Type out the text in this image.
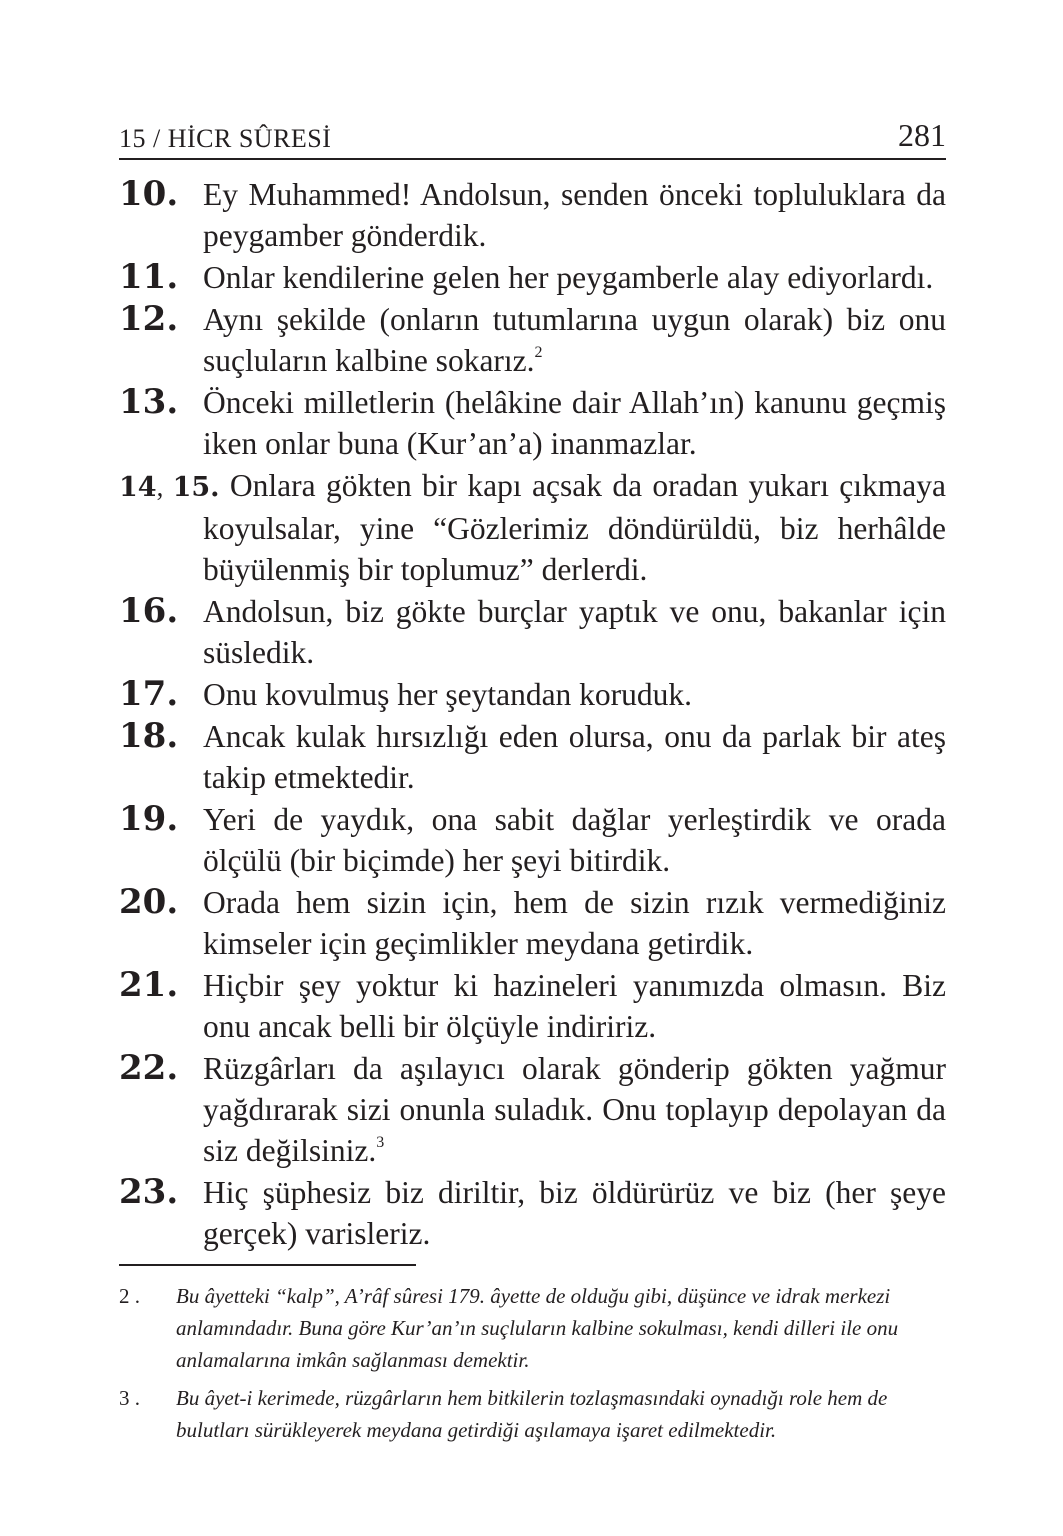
15 / HİCR SÛRESİ	281
10. Ey Muhammed! Andolsun, senden önceki topluluklara da peygamber gönderdik.
11. Onlar kendilerine gelen her peygamberle alay ediyorlardı.
12. Aynı şekilde (onların tutumlarına uygun olarak) biz onu suçluların kalbine sokarız.$^2$
13. Önceki milletlerin (helâkine dair Allah’ın) kanunu geçmiş iken onlar buna (Kur’an’a) inanmazlar.
14, 15. Onlara gökten bir kapı açsak da oradan yukarı çıkmaya koyulsalar, yine “Gözlerimiz döndürüldü, biz herhâlde büyülenmiş bir toplumuz” derlerdi.
16. Andolsun, biz gökte burçlar yaptık ve onu, bakanlar için süsledik.
17. Onu kovulmuş her şeytandan koruduk.
18. Ancak kulak hırsızlığı eden olursa, onu da parlak bir ateş takip etmektedir.
19. Yeri de yaydık, ona sabit dağlar yerleştirdik ve orada ölçülü (bir biçimde) her şeyi bitirdik.
20. Orada hem sizin için, hem de sizin rızık vermediğiniz kimseler için geçimlikler meydana getirdik.
21. Hiçbir şey yoktur ki hazineleri yanımızda olmasın. Biz onu ancak belli bir ölçüyle indiririz.
22. Rüzgârları da aşılayıcı olarak gönderip gökten yağmur yağdırarak sizi onunla suladık. Onu toplayıp depolayan da siz değilsiniz.$^3$
23. Hiç şüphesiz biz diriltir, biz öldürürüz ve biz (her şeye gerçek) varisleriz.
2 . Bu âyetteki “kalp”, A’râf sûresi 179. âyette de olduğu gibi, düşünce ve idrak merkezi anlamındadır. Buna göre Kur’an’ın suçluların kalbine sokulması, kendi dilleri ile onu anlamalarına imkân sağlanması demektir.
3 . Bu âyet-i kerimede, rüzgârların hem bitkilerin tozlaşmasındaki oynadığı role hem de bulutları sürükleyerek meydana getirdiği aşılamaya işaret edilmektedir.
